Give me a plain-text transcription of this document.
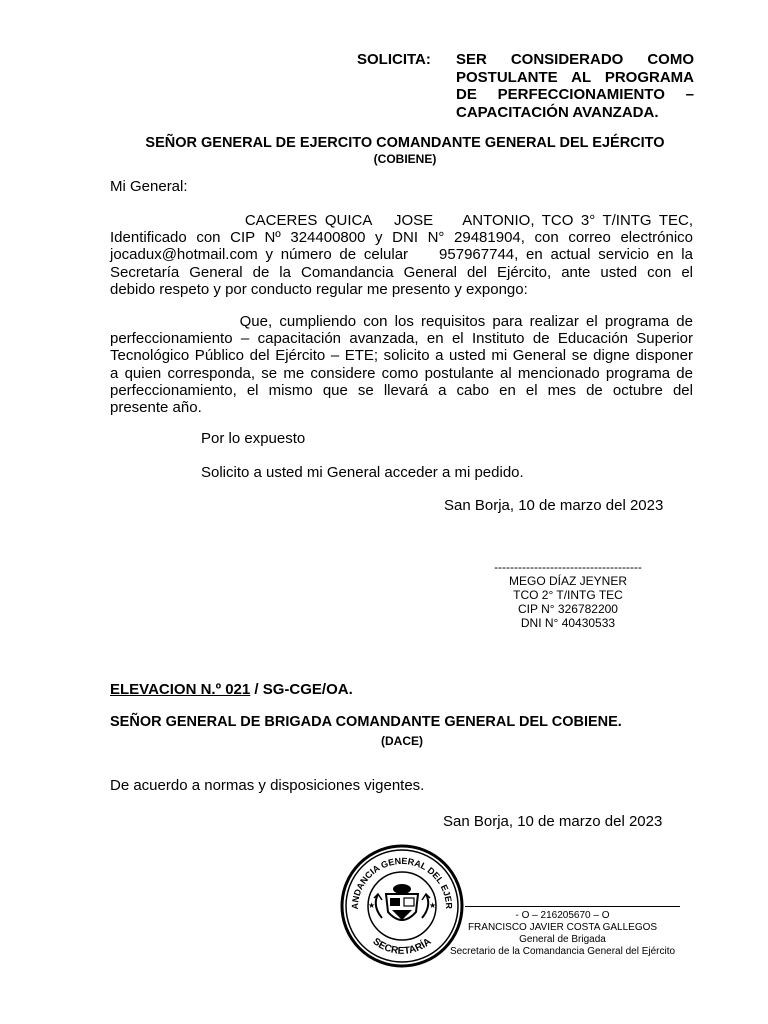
SOLICITA: SER CONSIDERADO COMO
POSTULANTE AL PROGRAMA
DE PERFECCIONAMIENTO –
CAPACITACIÓN AVANZADA.
SEÑOR GENERAL DE EJERCITO COMANDANTE GENERAL DEL EJÉRCITO
(COBIENE)
Mi General:
CACERES QUICA   JOSE    ANTONIO, TCO 3° T/INTG TEC,
Identificado con CIP Nº 324400800 y DNI N° 29481904, con correo electrónico
jocadux@hotmail.com y número de celular    957967744, en actual servicio en la
Secretaría General de la Comandancia General del Ejército, ante usted con el
debido respeto y por conducto regular me presento y expongo:
Que, cumpliendo con los requisitos para realizar el programa de
perfeccionamiento – capacitación avanzada, en el Instituto de Educación Superior
Tecnológico Público del Ejército – ETE; solicito a usted mi General se digne disponer
a quien corresponda, se me considere como postulante al mencionado programa de
perfeccionamiento, el mismo que se llevará a cabo en el mes de octubre del
presente año.
Por lo expuesto
Solicito a usted mi General acceder a mi pedido.
San Borja, 10 de marzo del 2023
-------------------------------------
MEGO DÍAZ JEYNER
TCO 2° T/INTG TEC
CIP N° 326782200
DNI N° 40430533
ELEVACION N.º 021 / SG-CGE/OA.
SEÑOR GENERAL DE BRIGADA COMANDANTE GENERAL DEL COBIENE.
(DACE)
De acuerdo a normas y disposiciones vigentes.
San Borja, 10 de marzo del 2023
ANDANCIA GENERAL DEL EJER
SECRETARÍA
★	★
- O – 216205670 – O
FRANCISCO JAVIER COSTA GALLEGOS
General de Brigada
Secretario de la Comandancia General del Ejército
